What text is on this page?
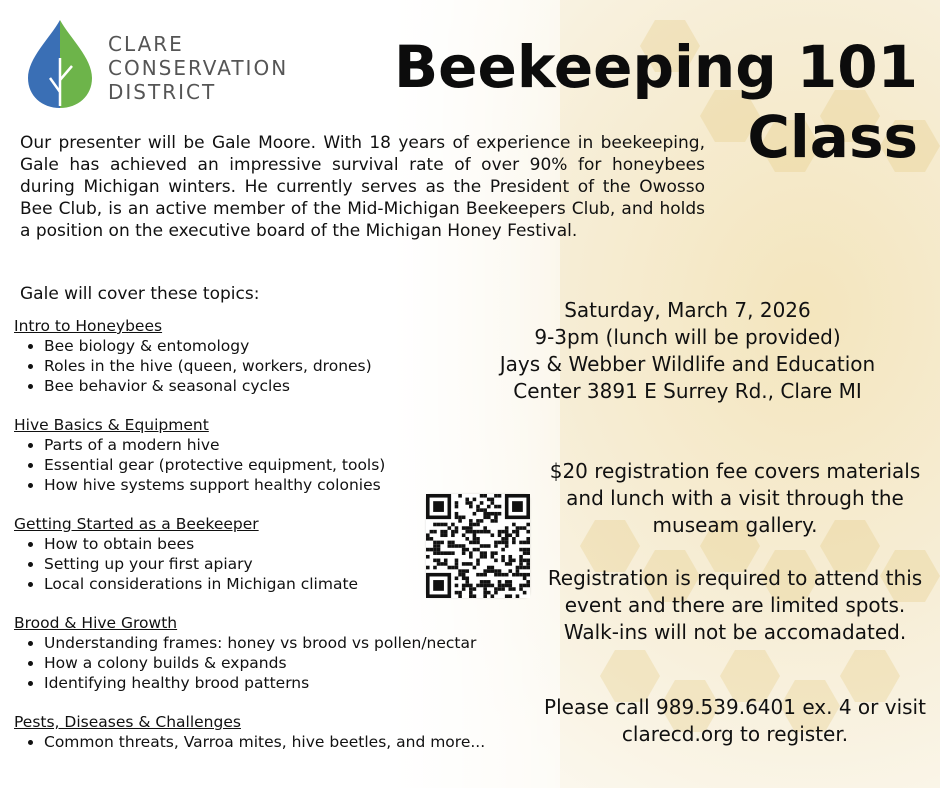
CLARE
CONSERVATION
DISTRICT	Beekeeping 101
Class

Our presenter will be Gale Moore. With 18 years of experience in beekeeping, Gale has achieved an impressive survival rate of over 90% for honeybees during Michigan winters. He currently serves as the President of the Owosso Bee Club, is an active member of the Mid-Michigan Beekeepers Club, and holds a position on the executive board of the Michigan Honey Festival.

Gale will cover these topics:
Intro to Honeybees
• Bee biology & entomology
• Roles in the hive (queen, workers, drones)
• Bee behavior & seasonal cycles
Hive Basics & Equipment
• Parts of a modern hive
• Essential gear (protective equipment, tools)
• How hive systems support healthy colonies
Getting Started as a Beekeeper
• How to obtain bees
• Setting up your first apiary
• Local considerations in Michigan climate
Brood & Hive Growth
• Understanding frames: honey vs brood vs pollen/nectar
• How a colony builds & expands
• Identifying healthy brood patterns
Pests, Diseases & Challenges
• Common threats, Varroa mites, hive beetles, and more...
Saturday, March 7, 2026
9-3pm (lunch will be provided)
Jays & Webber Wildlife and Education
Center 3891 E Surrey Rd., Clare MI
$20 registration fee covers materials and lunch with a visit through the museam gallery.
Registration is required to attend this event and there are limited spots. Walk-ins will not be accomadated.
Please call 989.539.6401 ex. 4 or visit clarecd.org to register.
